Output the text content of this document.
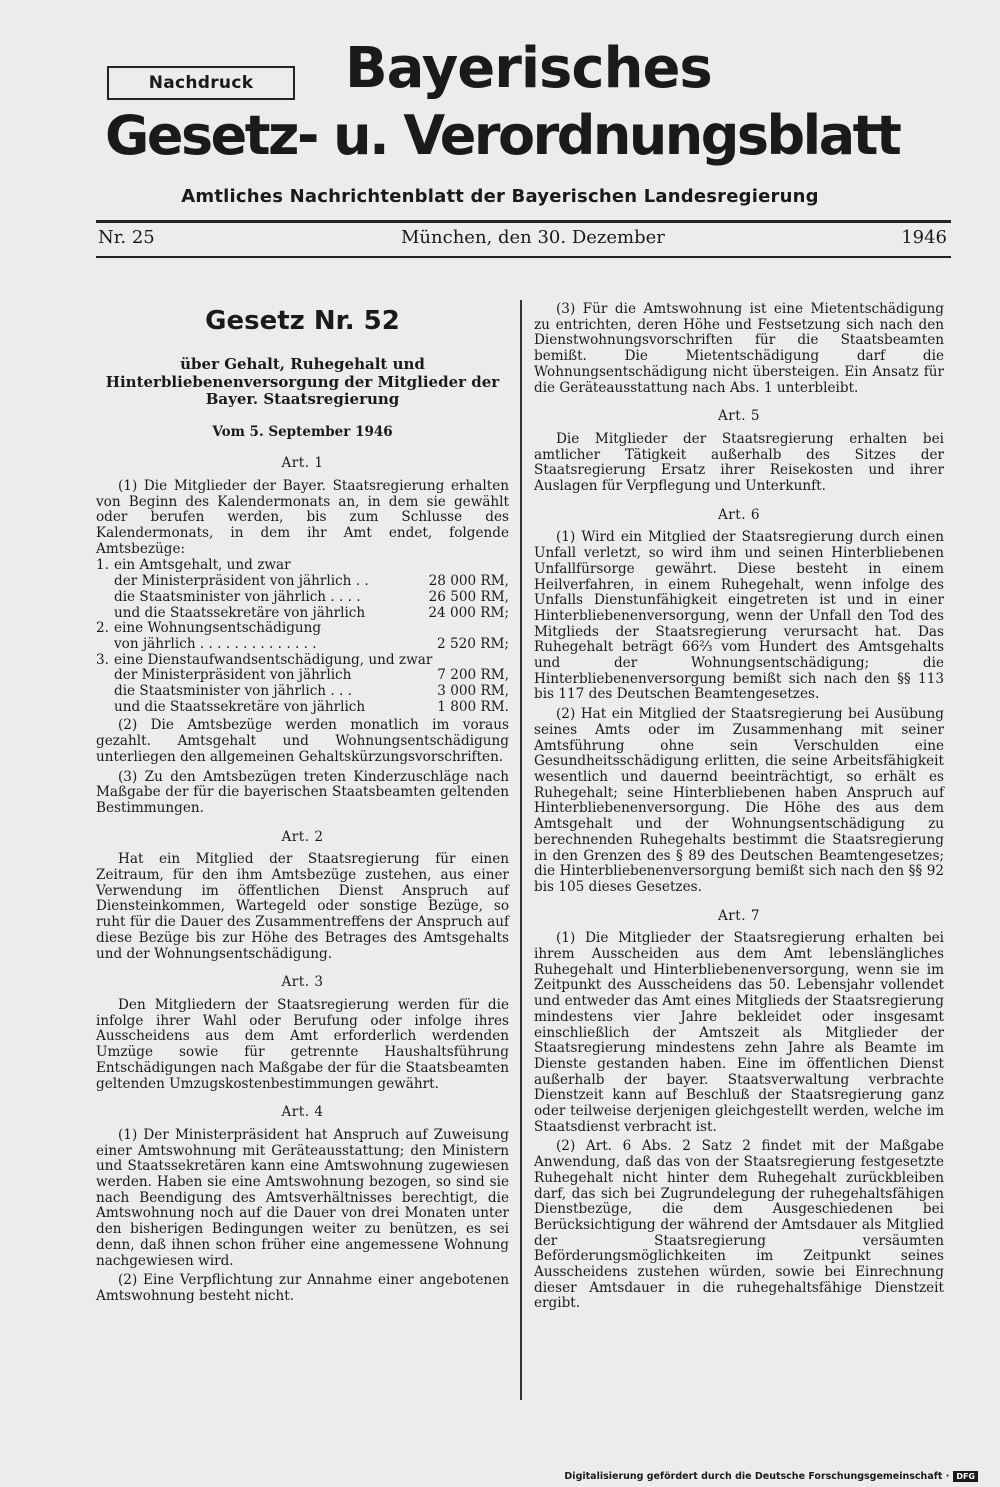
Nachdruck	Bayerisches
Gesetz- u. Verordnungsblatt
Amtliches Nachrichtenblatt der Bayerischen Landesregierung
Nr. 25	München, den 30. Dezember	1946
Gesetz Nr. 52
über Gehalt, Ruhegehalt und Hinterbliebenenversorgung der Mitglieder der Bayer. Staatsregierung
Vom 5. September 1946
Art. 1

(1) Die Mitglieder der Bayer. Staatsregierung erhalten von Beginn des Kalendermonats an, in dem sie gewählt oder berufen werden, bis zum Schlusse des Kalendermonats, in dem ihr Amt endet, folgende Amtsbezüge:

1. ein Amtsgehalt, und zwar
der Ministerpräsident von jährlich . .	28 000 RM,
die Staatsminister von jährlich . . . .	26 500 RM,
und die Staatssekretäre von jährlich	24 000 RM;
2. eine Wohnungsentschädigung
von jährlich . . . . . . . . . . . . . .	2 520 RM;
3. eine Dienstaufwandsentschädigung, und zwar
der Ministerpräsident von jährlich	7 200 RM,
die Staatsminister von jährlich . . .	3 000 RM,
und die Staatssekretäre von jährlich	1 800 RM.

(2) Die Amtsbezüge werden monatlich im voraus gezahlt. Amtsgehalt und Wohnungsentschädigung unterliegen den allgemeinen Gehaltskürzungsvorschriften.

(3) Zu den Amtsbezügen treten Kinderzuschläge nach Maßgabe der für die bayerischen Staatsbeamten geltenden Bestimmungen.

Art. 2

Hat ein Mitglied der Staatsregierung für einen Zeitraum, für den ihm Amtsbezüge zustehen, aus einer Verwendung im öffentlichen Dienst Anspruch auf Diensteinkommen, Wartegeld oder sonstige Bezüge, so ruht für die Dauer des Zusammentreffens der Anspruch auf diese Bezüge bis zur Höhe des Betrages des Amtsgehalts und der Wohnungsentschädigung.

Art. 3

Den Mitgliedern der Staatsregierung werden für die infolge ihrer Wahl oder Berufung oder infolge ihres Ausscheidens aus dem Amt erforderlich werdenden Umzüge sowie für getrennte Haushaltsführung Entschädigungen nach Maßgabe der für die Staatsbeamten geltenden Umzugskostenbestimmungen gewährt.

Art. 4

(1) Der Ministerpräsident hat Anspruch auf Zuweisung einer Amtswohnung mit Geräteausstattung; den Ministern und Staatssekretären kann eine Amtswohnung zugewiesen werden. Haben sie eine Amtswohnung bezogen, so sind sie nach Beendigung des Amtsverhältnisses berechtigt, die Amtswohnung noch auf die Dauer von drei Monaten unter den bisherigen Bedingungen weiter zu benützen, es sei denn, daß ihnen schon früher eine angemessene Wohnung nachgewiesen wird.

(2) Eine Verpflichtung zur Annahme einer angebotenen Amtswohnung besteht nicht.

(3) Für die Amtswohnung ist eine Mietentschädigung zu entrichten, deren Höhe und Festsetzung sich nach den Dienstwohnungsvorschriften für die Staatsbeamten bemißt. Die Mietentschädigung darf die Wohnungsentschädigung nicht übersteigen. Ein Ansatz für die Geräteausstattung nach Abs. 1 unterbleibt.

Art. 5

Die Mitglieder der Staatsregierung erhalten bei amtlicher Tätigkeit außerhalb des Sitzes der Staatsregierung Ersatz ihrer Reisekosten und ihrer Auslagen für Verpflegung und Unterkunft.

Art. 6

(1) Wird ein Mitglied der Staatsregierung durch einen Unfall verletzt, so wird ihm und seinen Hinterbliebenen Unfallfürsorge gewährt. Diese besteht in einem Heilverfahren, in einem Ruhegehalt, wenn infolge des Unfalls Dienstunfähigkeit eingetreten ist und in einer Hinterbliebenenversorgung, wenn der Unfall den Tod des Mitglieds der Staatsregierung verursacht hat. Das Ruhegehalt beträgt 66⅔ vom Hundert des Amtsgehalts und der Wohnungsentschädigung; die Hinterbliebenenversorgung bemißt sich nach den §§ 113 bis 117 des Deutschen Beamtengesetzes.

(2) Hat ein Mitglied der Staatsregierung bei Ausübung seines Amts oder im Zusammenhang mit seiner Amtsführung ohne sein Verschulden eine Gesundheitsschädigung erlitten, die seine Arbeitsfähigkeit wesentlich und dauernd beeinträchtigt, so erhält es Ruhegehalt; seine Hinterbliebenen haben Anspruch auf Hinterbliebenenversorgung. Die Höhe des aus dem Amtsgehalt und der Wohnungsentschädigung zu berechnenden Ruhegehalts bestimmt die Staatsregierung in den Grenzen des § 89 des Deutschen Beamtengesetzes; die Hinterbliebenenversorgung bemißt sich nach den §§ 92 bis 105 dieses Gesetzes.

Art. 7

(1) Die Mitglieder der Staatsregierung erhalten bei ihrem Ausscheiden aus dem Amt lebenslängliches Ruhegehalt und Hinterbliebenenversorgung, wenn sie im Zeitpunkt des Ausscheidens das 50. Lebensjahr vollendet und entweder das Amt eines Mitglieds der Staatsregierung mindestens vier Jahre bekleidet oder insgesamt einschließlich der Amtszeit als Mitglieder der Staatsregierung mindestens zehn Jahre als Beamte im Dienste gestanden haben. Eine im öffentlichen Dienst außerhalb der bayer. Staatsverwaltung verbrachte Dienstzeit kann auf Beschluß der Staatsregierung ganz oder teilweise derjenigen gleichgestellt werden, welche im Staatsdienst verbracht ist.

(2) Art. 6 Abs. 2 Satz 2 findet mit der Maßgabe Anwendung, daß das von der Staatsregierung festgesetzte Ruhegehalt nicht hinter dem Ruhegehalt zurückbleiben darf, das sich bei Zugrundelegung der ruhegehaltsfähigen Dienstbezüge, die dem Ausgeschiedenen bei Berücksichtigung der während der Amtsdauer als Mitglied der Staatsregierung versäumten Beförderungsmöglichkeiten im Zeitpunkt seines Ausscheidens zustehen würden, sowie bei Einrechnung dieser Amtsdauer in die ruhegehaltsfähige Dienstzeit ergibt.

Digitalisierung gefördert durch die Deutsche Forschungsgemeinschaft · DFG
